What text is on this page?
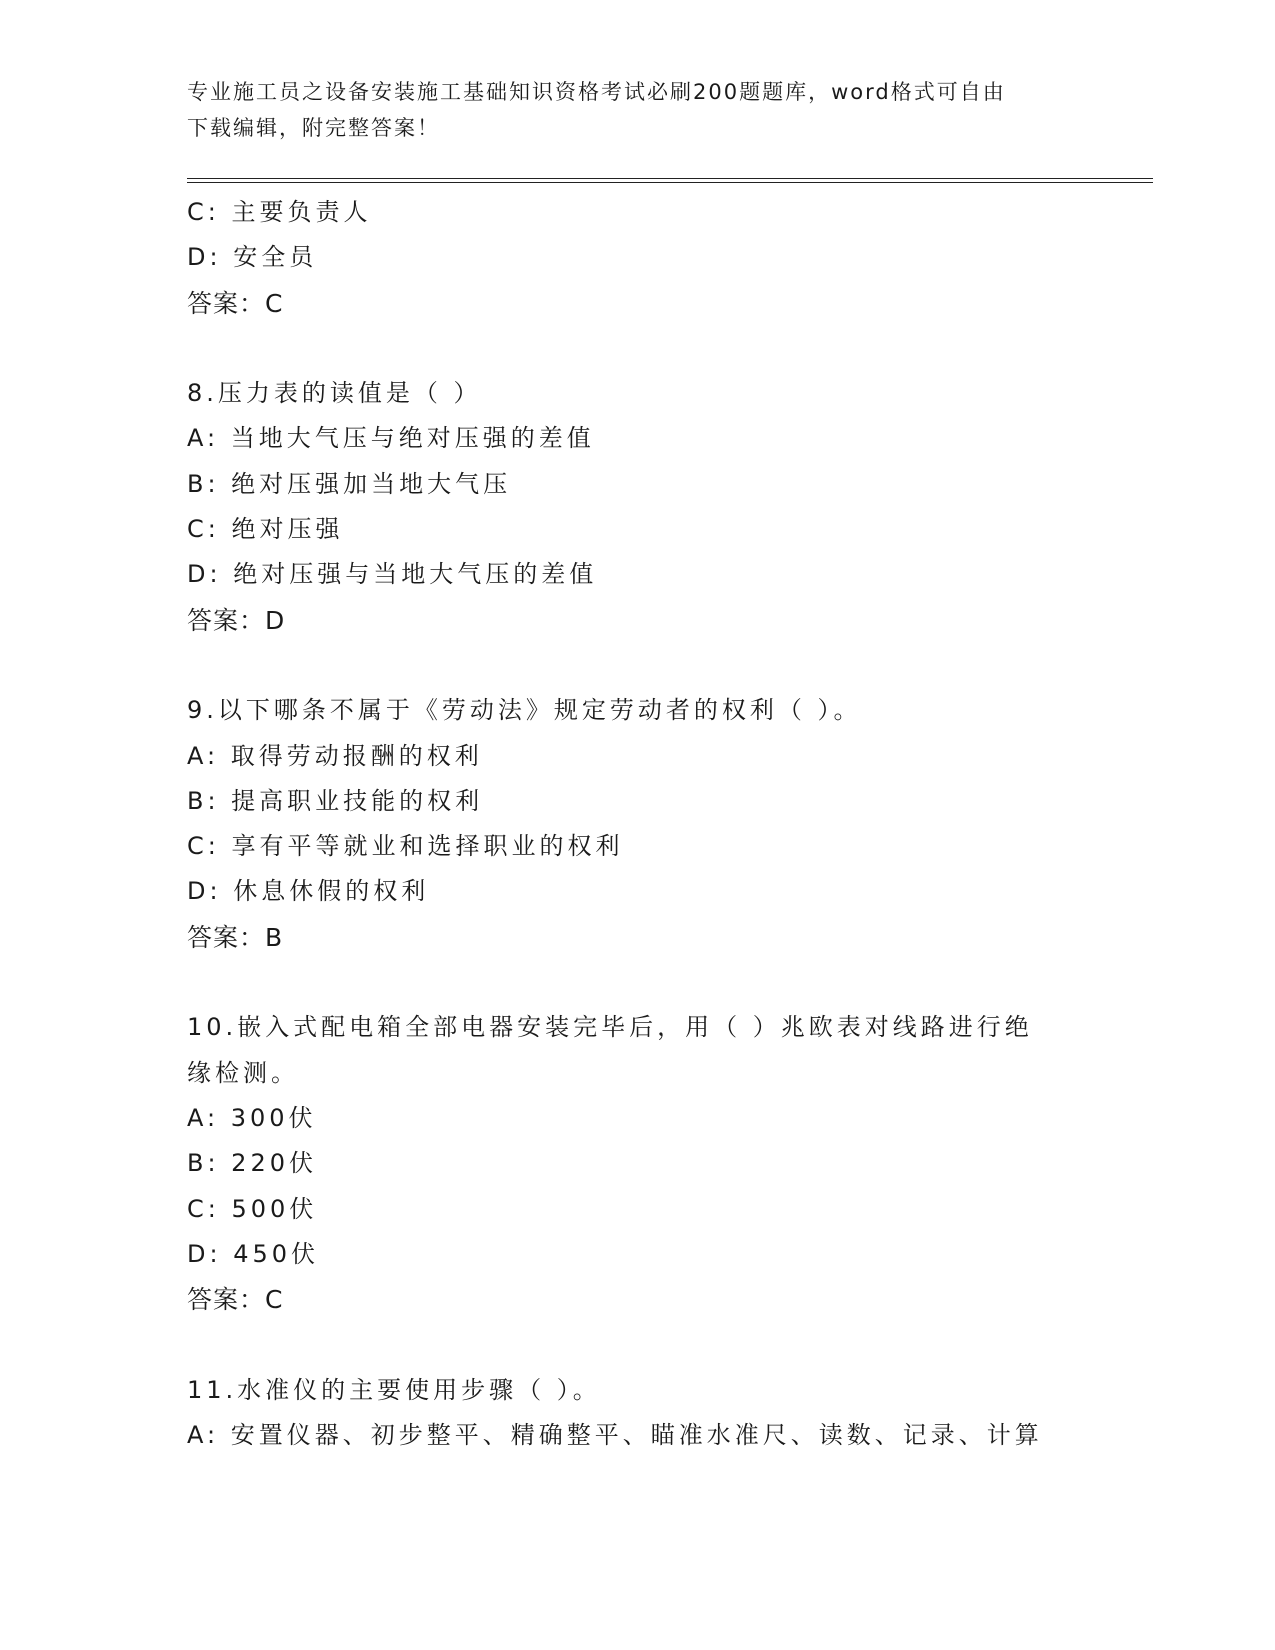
专业施工员之设备安装施工基础知识资格考试必刷200题题库，word格式可自由
下载编辑，附完整答案！
C: 主要负责人
D: 安全员
答案：C
8.压力表的读值是（ ）
A: 当地大气压与绝对压强的差值
B: 绝对压强加当地大气压
C: 绝对压强
D: 绝对压强与当地大气压的差值
答案：D
9.以下哪条不属于《劳动法》规定劳动者的权利（ ）。
A: 取得劳动报酬的权利
B: 提高职业技能的权利
C: 享有平等就业和选择职业的权利
D: 休息休假的权利
答案：B
10.嵌入式配电箱全部电器安装完毕后，用（ ）兆欧表对线路进行绝
缘检测。
A: 300伏
B: 220伏
C: 500伏
D: 450伏
答案：C
11.水准仪的主要使用步骤（ ）。
A: 安置仪器、初步整平、精确整平、瞄准水准尺、读数、记录、计算
